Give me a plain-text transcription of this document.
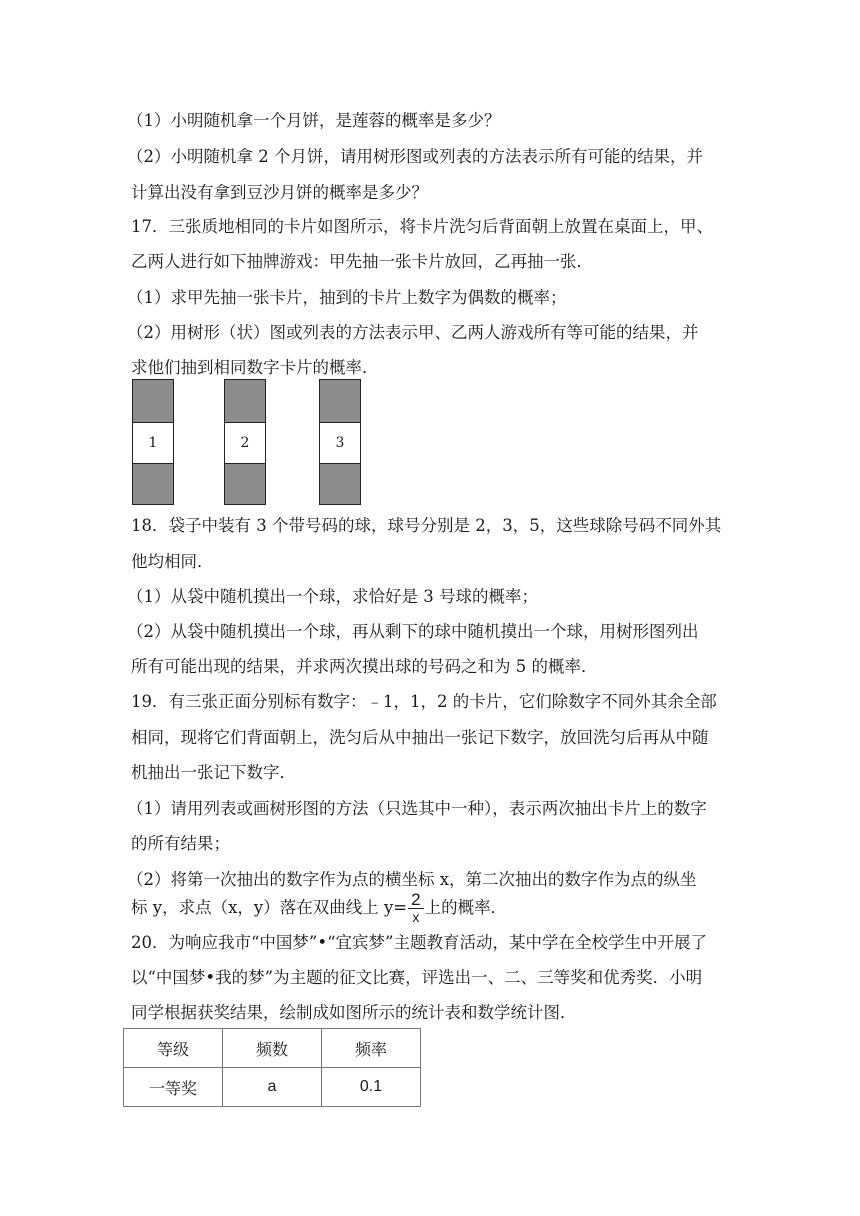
（1）小明随机拿一个月饼，是莲蓉的概率是多少？
（2）小明随机拿 2 个月饼，请用树形图或列表的方法表示所有可能的结果，并
计算出没有拿到豆沙月饼的概率是多少？
17．三张质地相同的卡片如图所示，将卡片洗匀后背面朝上放置在桌面上，甲、
乙两人进行如下抽牌游戏：甲先抽一张卡片放回，乙再抽一张．
（1）求甲先抽一张卡片，抽到的卡片上数字为偶数的概率；
（2）用树形（状）图或列表的方法表示甲、乙两人游戏所有等可能的结果，并
求他们抽到相同数字卡片的概率．
1	2	3
18．袋子中装有 3 个带号码的球，球号分别是 2，3，5，这些球除号码不同外其
他均相同．
（1）从袋中随机摸出一个球，求恰好是 3 号球的概率；
（2）从袋中随机摸出一个球，再从剩下的球中随机摸出一个球，用树形图列出
所有可能出现的结果，并求两次摸出球的号码之和为 5 的概率．
19．有三张正面分别标有数字：﹣1，1，2 的卡片，它们除数字不同外其余全部
相同，现将它们背面朝上，洗匀后从中抽出一张记下数字，放回洗匀后再从中随
机抽出一张记下数字．
（1）请用列表或画树形图的方法（只选其中一种），表示两次抽出卡片上的数字
的所有结果；
（2）将第一次抽出的数字作为点的横坐标 x，第二次抽出的数字作为点的纵坐
标 y，求点（x，y）落在双曲线上 $y= \frac{2}{x}$ 上的概率．
20．为响应我市“中国梦”•“宜宾梦”主题教育活动，某中学在全校学生中开展了
以“中国梦•我的梦”为主题的征文比赛，评选出一、二、三等奖和优秀奖．小明
同学根据获奖结果，绘制成如图所示的统计表和数学统计图．
等级	频数	频率
一等奖	a	0.1
